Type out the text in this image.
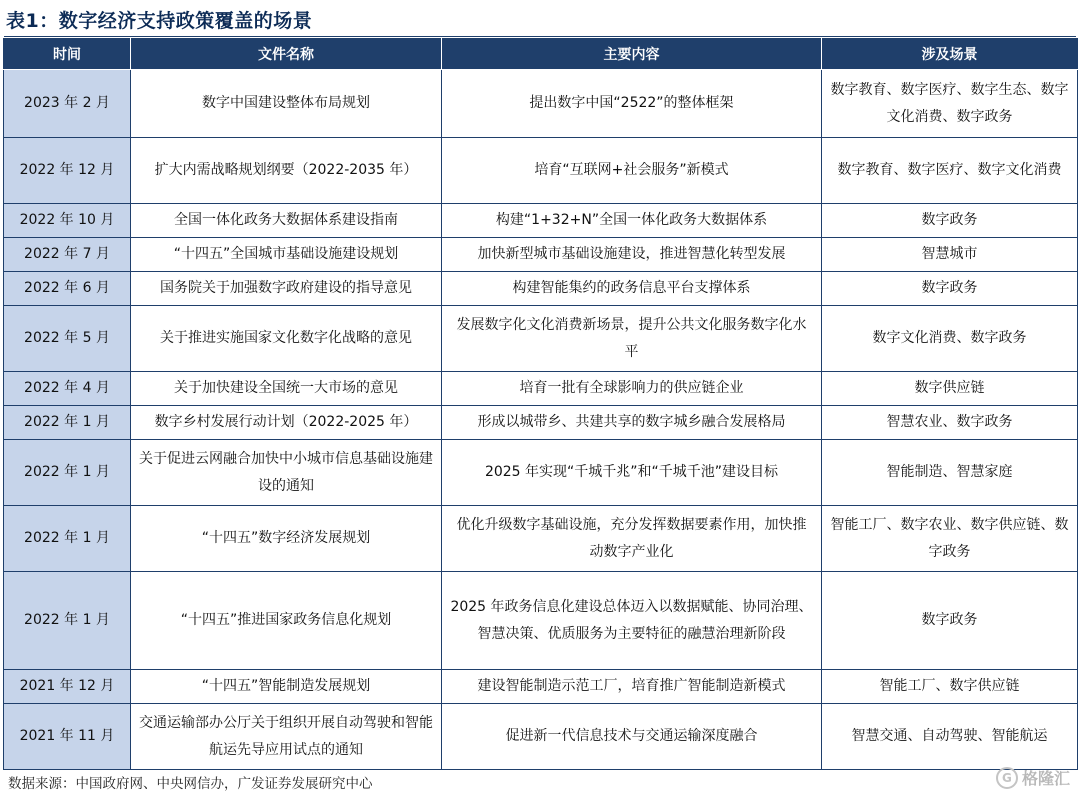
表1：数字经济支持政策覆盖的场景
时间	文件名称	主要内容	涉及场景
2023 年 2 月	数字中国建设整体布局规划	提出数字中国“2522”的整体框架	数字教育、数字医疗、数字生态、数字文化消费、数字政务
2022 年 12 月	扩大内需战略规划纲要（2022-2035 年）	培育“互联网+社会服务”新模式	数字教育、数字医疗、数字文化消费
2022 年 10 月	全国一体化政务大数据体系建设指南	构建“1+32+N”全国一体化政务大数据体系	数字政务
2022 年 7 月	“十四五”全国城市基础设施建设规划	加快新型城市基础设施建设，推进智慧化转型发展	智慧城市
2022 年 6 月	国务院关于加强数字政府建设的指导意见	构建智能集约的政务信息平台支撑体系	数字政务
2022 年 5 月	关于推进实施国家文化数字化战略的意见	发展数字化文化消费新场景，提升公共文化服务数字化水平	数字文化消费、数字政务
2022 年 4 月	关于加快建设全国统一大市场的意见	培育一批有全球影响力的供应链企业	数字供应链
2022 年 1 月	数字乡村发展行动计划（2022-2025 年）	形成以城带乡、共建共享的数字城乡融合发展格局	智慧农业、数字政务
2022 年 1 月	关于促进云网融合加快中小城市信息基础设施建设的通知	2025 年实现“千城千兆”和“千城千池”建设目标	智能制造、智慧家庭
2022 年 1 月	“十四五”数字经济发展规划	优化升级数字基础设施，充分发挥数据要素作用，加快推动数字产业化	智能工厂、数字农业、数字供应链、数字政务
2022 年 1 月	“十四五”推进国家政务信息化规划	2025 年政务信息化建设总体迈入以数据赋能、协同治理、智慧决策、优质服务为主要特征的融慧治理新阶段	数字政务
2021 年 12 月	“十四五”智能制造发展规划	建设智能制造示范工厂，培育推广智能制造新模式	智能工厂、数字供应链
2021 年 11 月	交通运输部办公厅关于组织开展自动驾驶和智能航运先导应用试点的通知	促进新一代信息技术与交通运输深度融合	智慧交通、自动驾驶、智能航运
数据来源：中国政府网、中央网信办，广发证券发展研究中心	G 格隆汇
